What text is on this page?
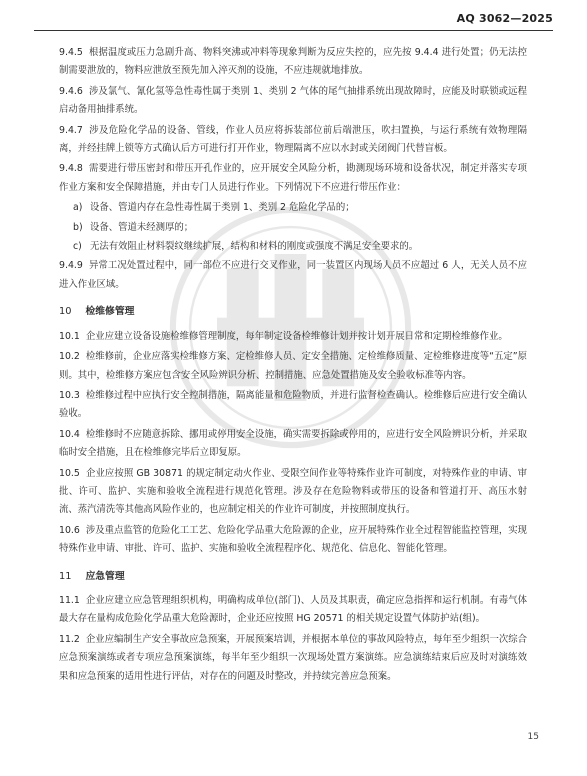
AQ 3062—2025

9.4.5 根据温度或压力急剧升高、物料突沸或冲料等现象判断为反应失控的，应先按 9.4.4 进行处置；仍无法控制需要泄放的，物料应泄放至预先加入淬灭剂的设施，不应违规就地排放。

9.4.6 涉及氯气、氰化氢等急性毒性属于类别 1、类别 2 气体的尾气抽排系统出现故障时，应能及时联锁或远程启动备用抽排系统。

9.4.7 涉及危险化学品的设备、管线，作业人员应将拆装部位前后端泄压，吹扫置换，与运行系统有效物理隔离，并经挂牌上锁等方式确认后方可进行打开作业，物理隔离不应以水封或关闭阀门代替盲板。

9.4.8 需要进行带压密封和带压开孔作业的，应开展安全风险分析，勘测现场环境和设备状况，制定并落实专项作业方案和安全保障措施，并由专门人员进行作业。下列情况下不应进行带压作业：

a) 设备、管道内存在急性毒性属于类别 1、类别 2 危险化学品的；

b) 设备、管道未经测厚的；

c) 无法有效阻止材料裂纹继续扩展，结构和材料的刚度或强度不满足安全要求的。

9.4.9 异常工况处置过程中，同一部位不应进行交叉作业，同一装置区内现场人员不应超过 6 人，无关人员不应进入作业区域。

10 检维修管理

10.1 企业应建立设备设施检维修管理制度，每年制定设备检维修计划并按计划开展日常和定期检维修作业。

10.2 检维修前，企业应落实检维修方案、定检维修人员、定安全措施、定检维修质量、定检维修进度等“五定”原则。其中，检维修方案应包含安全风险辨识分析、控制措施、应急处置措施及安全验收标准等内容。

10.3 检维修过程中应执行安全控制措施，隔离能量和危险物质，并进行监督检查确认。检维修后应进行安全确认验收。

10.4 检维修时不应随意拆除、挪用或停用安全设施，确实需要拆除或停用的，应进行安全风险辨识分析，并采取临时安全措施，且在检维修完毕后立即复原。

10.5 企业应按照 GB 30871 的规定制定动火作业、受限空间作业等特殊作业许可制度，对特殊作业的申请、审批、许可、监护、实施和验收全流程进行规范化管理。涉及存在危险物料或带压的设备和管道打开、高压水射流、蒸汽清洗等其他高风险作业的，也应制定相关的作业许可制度，并按照制度执行。

10.6 涉及重点监管的危险化工工艺、危险化学品重大危险源的企业，应开展特殊作业全过程智能监控管理，实现特殊作业申请、审批、许可、监护、实施和验收全流程程序化、规范化、信息化、智能化管理。

11 应急管理

11.1 企业应建立应急管理组织机构，明确构成单位(部门)、人员及其职责，确定应急指挥和运行机制。有毒气体最大存在量构成危险化学品重大危险源时，企业还应按照 HG 20571 的相关规定设置气体防护站(组)。

11.2 企业应编制生产安全事故应急预案，开展预案培训，并根据本单位的事故风险特点，每年至少组织一次综合应急预案演练或者专项应急预案演练，每半年至少组织一次现场处置方案演练。应急演练结束后应及时对演练效果和应急预案的适用性进行评估，对存在的问题及时整改，并持续完善应急预案。

15
